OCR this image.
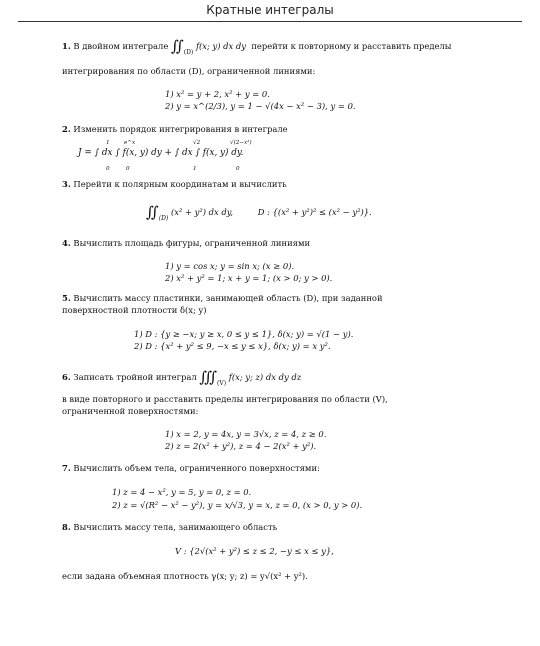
Кратные интегралы
1. В двойном интеграле $∬_{(D)}$ f(x; y) dx dy перейти к повторному и расставить пределы
интегрирования по области (D), ограниченной линиями:
1) x² = y + 2, x² + y = 0.
2) y = x^(2/3), y = 1 − √(4x − x² − 3), y = 0.
2. Изменить порядок интегрирования в интеграле
J = ∫ dx ∫ f(x, y) dy + ∫ dx ∫ f(x, y) dy.
1
0
e^x
0
√2
1
√(2−x²)
0
3. Перейти к полярным координатам и вычислить
$∬_{(D)}$ (x² + y²) dx dy,	D : {(x² + y²)² ≤ (x² − y²)}.
4. Вычислить площадь фигуры, ограниченной линиями
1) y = cos x; y = sin x; (x ≥ 0).
2) x² + y² = 1; x + y = 1; (x > 0; y > 0).
5. Вычислить массу пластинки, занимающей область (D), при заданной
поверхностной плотности δ(x; y)
1) D : {y ≥ −x; y ≥ x, 0 ≤ y ≤ 1}, δ(x; y) = √(1 − y).
2) D : {x² + y² ≤ 9, −x ≤ y ≤ x}, δ(x; y) = x y².
6. Записать тройной интеграл $∭_{(V)}$ f(x; y; z) dx dy dz
в виде повторного и расставить пределы интегрирования по области (V),
ограниченной поверхностями:
1) x = 2, y = 4x, y = 3√x, z = 4, z ≥ 0.
2) z = 2(x² + y²), z = 4 − 2(x² + y²).
7. Вычислить объем тела, ограниченного поверхностями:
1) z = 4 − x², y = 5, y = 0, z = 0.
2) z = √(R² − x² − y²), y = x/√3, y = x, z = 0, (x > 0, y > 0).
8. Вычислить массу тела, занимающего область
V : {2√(x² + y²) ≤ z ≤ 2, −y ≤ x ≤ y},
если задана объемная плотность γ(x; y; z) = y√(x² + y²).
